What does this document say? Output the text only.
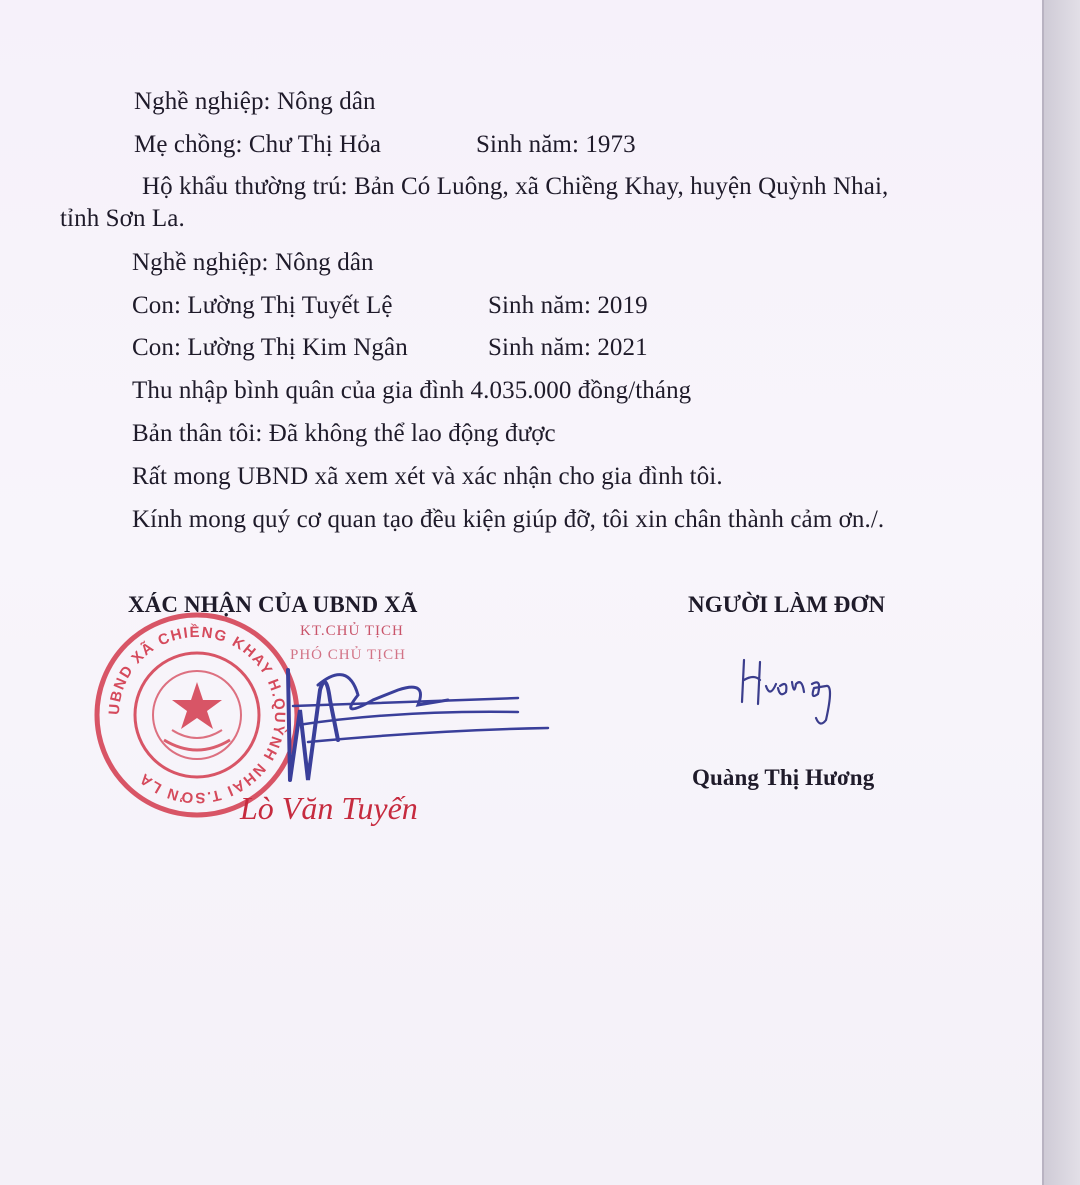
Nghề nghiệp: Nông dân
Mẹ chồng: Chư Thị Hỏa	Sinh năm: 1973
Hộ khẩu thường trú: Bản Có Luông, xã Chiềng Khay, huyện Quỳnh Nhai,
tỉnh Sơn La.
Nghề nghiệp: Nông dân
Con: Lường Thị Tuyết Lệ	Sinh năm: 2019
Con: Lường Thị Kim Ngân	Sinh năm: 2021
Thu nhập bình quân của gia đình 4.035.000 đồng/tháng
Bản thân tôi: Đã không thể lao động được
Rất mong UBND xã xem xét và xác nhận cho gia đình tôi.
Kính mong quý cơ quan tạo đều kiện giúp đỡ, tôi xin chân thành cảm ơn./.
XÁC NHẬN CỦA UBND XÃ	NGƯỜI LÀM ĐƠN
UBND XÃ CHIỀNG KHAY H.QUỲNH NHAI T.SƠN LA
KT.CHỦ TỊCH
PHÓ CHỦ TỊCH
Lò Văn Tuyến
Quàng Thị Hương
